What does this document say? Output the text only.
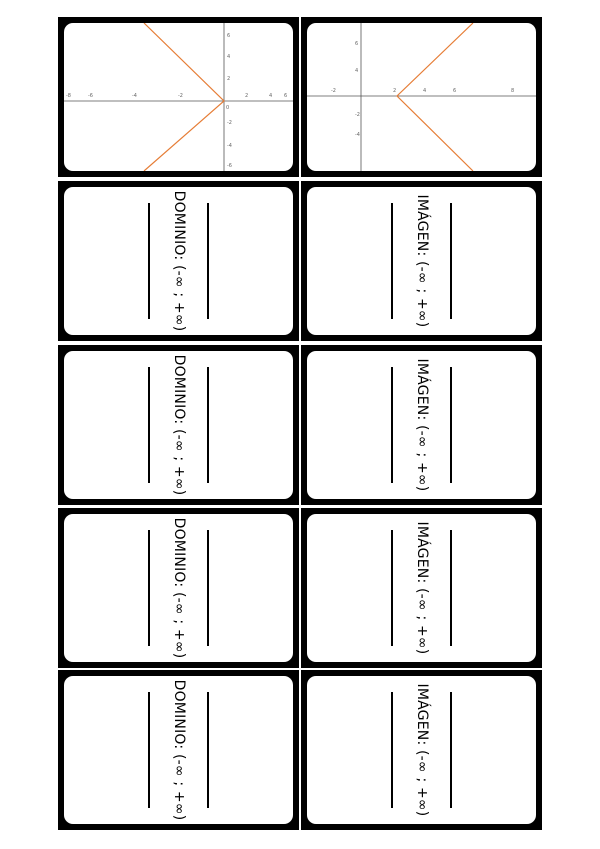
-8	-6	-4	-2
0
2	4 6
6
4
2
-2
-4
-6
-2	2	4	6	8
6
4
-2
-4
DOMINIO: (-∞ ; +∞)	IMÁGEN: (-∞ ; +∞)
DOMINIO: (-∞ ; +∞)	IMÁGEN: (-∞ ; +∞)
DOMINIO: (-∞ ; +∞)	IMÁGEN: (-∞ ; +∞)
DOMINIO: (-∞ ; +∞)	IMÁGEN: (-∞ ; +∞)
